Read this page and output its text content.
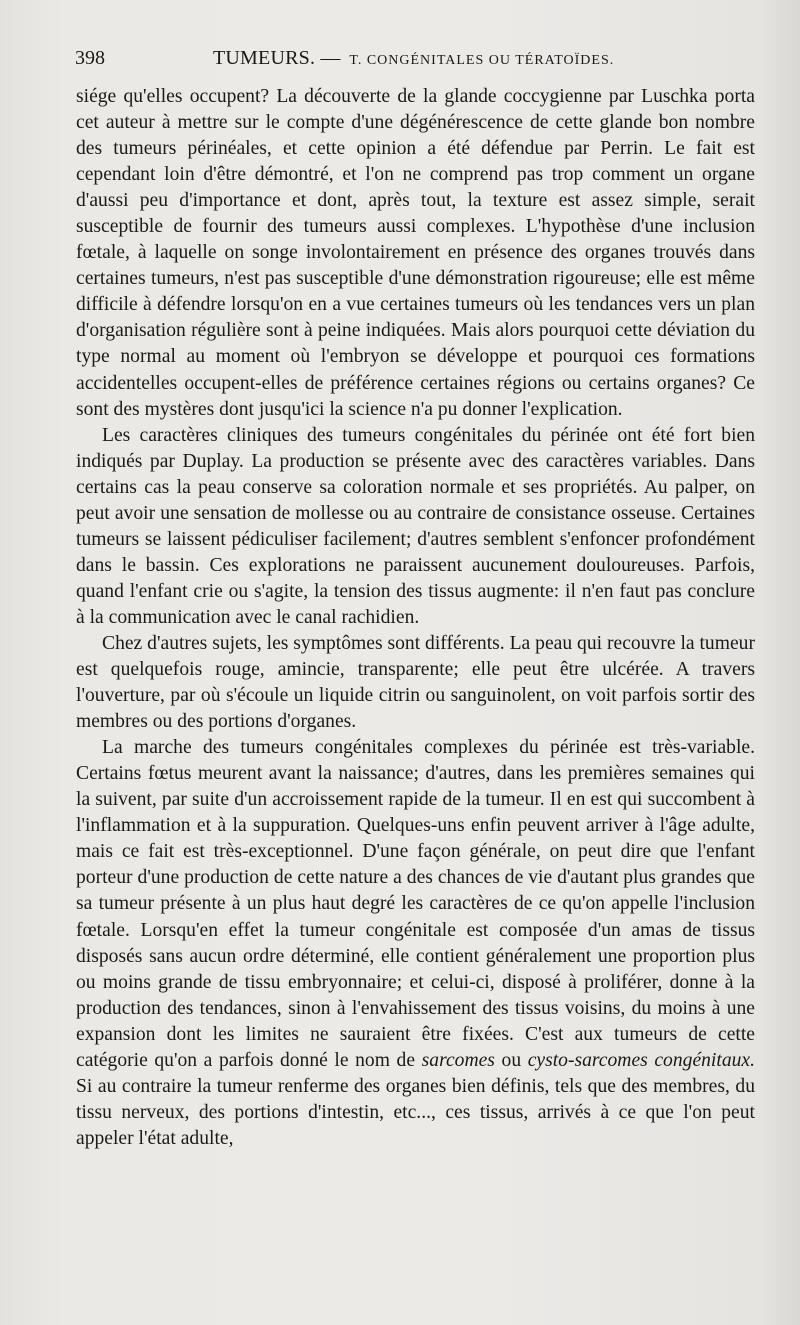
398	TUMEURS. — T. CONGÉNITALES OU TÉRATOÏDES.

siége qu'elles occupent? La découverte de la glande coccygienne par Luschka porta cet auteur à mettre sur le compte d'une dégénérescence de cette glande bon nombre des tumeurs périnéales, et cette opinion a été défendue par Perrin. Le fait est cependant loin d'être démontré, et l'on ne comprend pas trop comment un organe d'aussi peu d'importance et dont, après tout, la texture est assez simple, serait susceptible de fournir des tumeurs aussi complexes. L'hypothèse d'une inclusion fœtale, à laquelle on songe involontairement en présence des organes trouvés dans certaines tumeurs, n'est pas susceptible d'une démonstration rigoureuse; elle est même difficile à défendre lorsqu'on en a vue certaines tumeurs où les tendances vers un plan d'organisation régulière sont à peine indiquées. Mais alors pourquoi cette déviation du type normal au moment où l'embryon se développe et pourquoi ces formations accidentelles occupent-elles de préférence certaines régions ou certains organes? Ce sont des mystères dont jusqu'ici la science n'a pu donner l'explication.

Les caractères cliniques des tumeurs congénitales du périnée ont été fort bien indiqués par Duplay. La production se présente avec des caractères variables. Dans certains cas la peau conserve sa coloration normale et ses propriétés. Au palper, on peut avoir une sensation de mollesse ou au contraire de consistance osseuse. Certaines tumeurs se laissent pédiculiser facilement; d'autres semblent s'enfoncer profondément dans le bassin. Ces explorations ne paraissent aucunement douloureuses. Parfois, quand l'enfant crie ou s'agite, la tension des tissus augmente: il n'en faut pas conclure à la communication avec le canal rachidien.

Chez d'autres sujets, les symptômes sont différents. La peau qui recouvre la tumeur est quelquefois rouge, amincie, transparente; elle peut être ulcérée. A travers l'ouverture, par où s'écoule un liquide citrin ou sanguinolent, on voit parfois sortir des membres ou des portions d'organes.

La marche des tumeurs congénitales complexes du périnée est très-variable. Certains fœtus meurent avant la naissance; d'autres, dans les premières semaines qui la suivent, par suite d'un accroissement rapide de la tumeur. Il en est qui succombent à l'inflammation et à la suppuration. Quelques-uns enfin peuvent arriver à l'âge adulte, mais ce fait est très-exceptionnel. D'une façon générale, on peut dire que l'enfant porteur d'une production de cette nature a des chances de vie d'autant plus grandes que sa tumeur présente à un plus haut degré les caractères de ce qu'on appelle l'inclusion fœtale. Lorsqu'en effet la tumeur congénitale est composée d'un amas de tissus disposés sans aucun ordre déterminé, elle contient généralement une proportion plus ou moins grande de tissu embryonnaire; et celui-ci, disposé à proliférer, donne à la production des tendances, sinon à l'envahissement des tissus voisins, du moins à une expansion dont les limites ne sauraient être fixées. C'est aux tumeurs de cette catégorie qu'on a parfois donné le nom de sarcomes ou cysto-sarcomes congénitaux. Si au contraire la tumeur renferme des organes bien définis, tels que des membres, du tissu nerveux, des portions d'intestin, etc..., ces tissus, arrivés à ce que l'on peut appeler l'état adulte,
